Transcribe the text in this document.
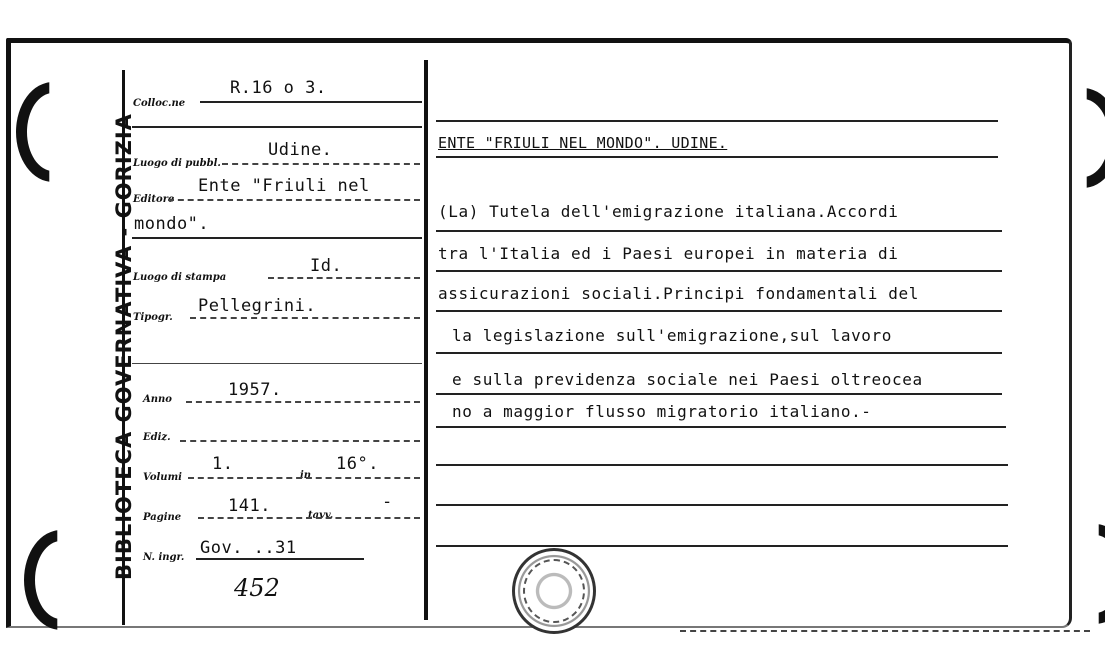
BIBLIOTECA GOVERNATIVA - GORIZIA
Colloc.ne
R.16 o 3.
Luogo di pubbl.
Udine.
Editore
Ente "Friuli nel
mondo".
Luogo di stampa
Id.
Tipogr.
Pellegrini.
Anno	1957.
Ediz.
Volumi
1.
in
16°.
Pagine
141.	tavv.
-
N. ingr. Gov. ..31
452
ENTE "FRIULI NEL MONDO". UDINE.
(La) Tutela dell'emigrazione italiana.Accordi
tra l'Italia ed i Paesi europei in materia di
assicurazioni sociali.Principi fondamentali del
la legislazione sull'emigrazione,sul lavoro
e sulla previdenza sociale nei Paesi oltreocea
no a maggior flusso migratorio italiano.-
